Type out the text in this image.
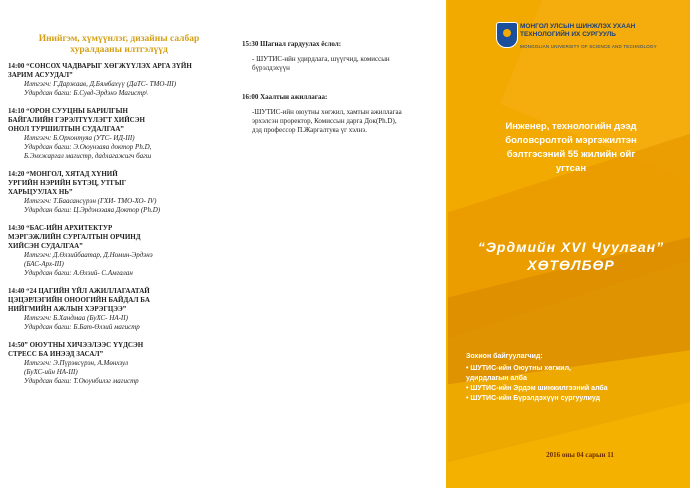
Инийгэм, хүмүүнлэг, дизайны салбар
хуралдааны илтгэлүүд
14:00 “СОНСОХ ЧАДВАРЫГ ХӨГЖҮҮЛЭХ АРГА ЗҮЙН
ЗАРИМ АСУУДАЛ”
Илтгэгч: Г.Даржаав, Д.Бямбахүү (ДаТС- ТМО-III)
Удирдсан багш: Б.Сувд-Эрдэнэ Магистр\
14:10 “ОРОН СУУЦНЫ БАРИЛГЫН
БАЙГАЛИЙН ГЭРЭЛТҮҮЛЭГТ ХИЙСЭН
ОНОЛ ТУРШИЛТЫН СУДАЛГАА”
Илтгэгч: Б.Орхонтуяа (УТС- ИД-III)
Удирдсан багш: Э.Оюунзаяа доктор Ph.D,
Б.Энхжаргал магистр, дадлагажигч багш
14:20 “МОНГОЛ, ХЯТАД ХҮНИЙ
УРГИЙН НЭРИЙН БҮТЭЦ, УТГЫГ
ХАРЬЦУУЛАХ НЬ”
Илтгэгч: Т.Баасансүрэн (ГХИ- ТМО-ХО- IV)
Удирдсан багш: Ц.Эрдэнэзаяа Доктор (Ph.D)
14:30 “БАС-ИЙН АРХИТЕКТУР
МЭРГЭЖЛИЙН СУРГАЛТЫН ОРЧИНД
ХИЙСЭН СУДАЛГАА”
Илтгэгч: Д.Өлзийбаатар, Д.Номин-Эрдэнэ
(БАС-Арх-III)
Удирдсан багш: А.Өлзий- С.Амгалан
14:40 “24 ЦАГИЙН ҮЙЛ АЖИЛЛАГААТАЙ
ЦЭЦЭРЛЭГИЙН ОНООГИЙН БАЙДАЛ БА
НИЙГМИЙН АЖЛЫН ХЭРЭГЦЭЭ”
Илтгэгч: Б.Хандмаа (БуХС- НА-II)
Удирдсан багш: Б.Бат-Өлзий магистр
14:50” ОЮУТНЫ ХИЧЭЭЛЭЭС ҮҮДСЭН
СТРЕСС БА ИНЭЭД ЗАСАЛ”
Илтгэгч: Э.Пүрэвсүрэн, А.Мөнхзул
(БуХС-ийн НА-III)
Удирдсан багш: Т.Оюунбилэг магистр
15:30 Шагнал гардуулах ёслол:
- ШУТИС-ийн удирдлага, шүүгчид, комиссын
бүрэлдэхүүн
16:00 Хаалтын ажиллагаа:
-ШУТИС-ийн оюутны хөгжил, хамтын ажиллагаа
эрхэлсэн проректор, Комиссын дарга Док(Ph.D),
дэд профессор П.Жаргалтуяа үг хэлнэ.
МОНГОЛ УЛСЫН ШИНЖЛЭХ УХААН
ТЕХНОЛОГИЙН ИХ СУРГУУЛЬ
MONGOLIAN UNIVERSITY OF SCIENCE AND TECHNOLOGY
Инженер, технологийн дээд
боловсролтой мэргэжилтэн
бэлтгэсэний 55 жилийн ойг
угтсан
“Эрдмийн XVI Чуулган”
ХӨТӨЛБӨР
Зохион байгуулагчид:
• ШУТИС-ийн Оюутны хөгжил,
удирдлагын алба
• ШУТИС-ийн Эрдэм шинжилгээний алба
• ШУТИС-ийн Бүрэлдэхүүн сургуулиуд
2016 оны 04 сарын 11
